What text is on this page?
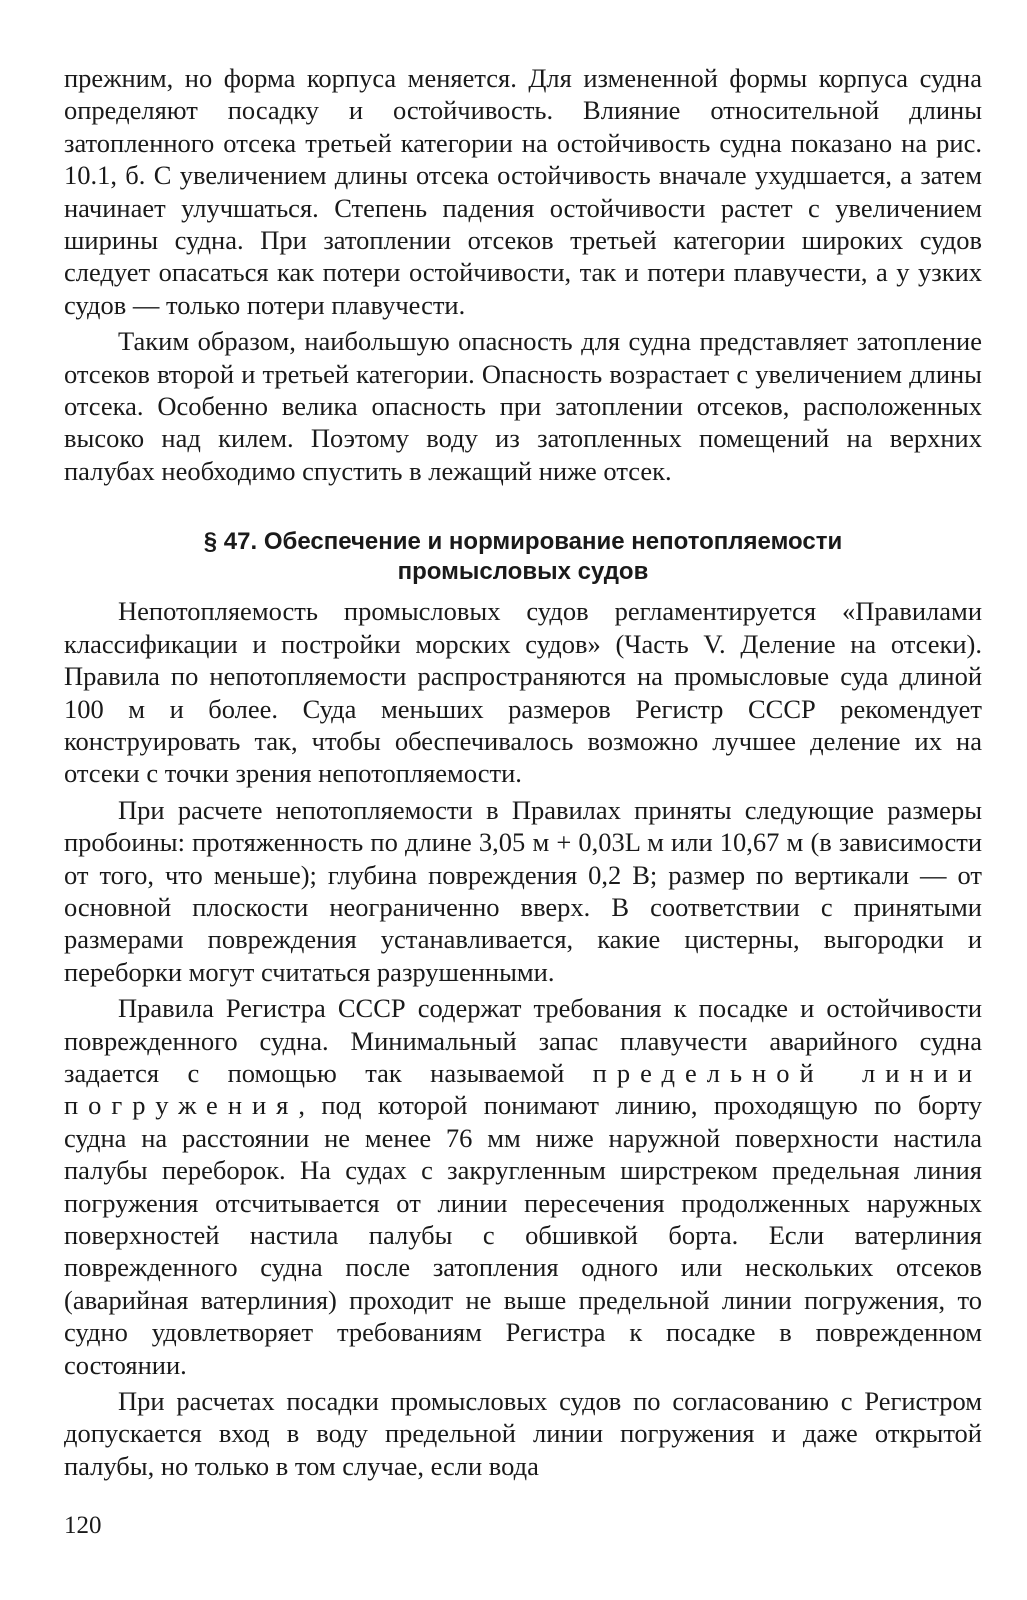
прежним, но форма корпуса меняется. Для измененной формы корпуса судна определяют посадку и остойчивость. Влияние относительной длины затопленного отсека третьей категории на остойчивость судна показано на рис. 10.1, б. С увеличением длины отсека остойчивость вначале ухудшается, а затем начинает улучшаться. Степень падения остойчивости растет с увеличением ширины судна. При затоплении отсеков третьей категории широких судов следует опасаться как потери остойчивости, так и потери плавучести, а у узких судов — только потери плавучести.

Таким образом, наибольшую опасность для судна представляет затопление отсеков второй и третьей категории. Опасность возрастает с увеличением длины отсека. Особенно велика опасность при затоплении отсеков, расположенных высоко над килем. Поэтому воду из затопленных помещений на верхних палубах необходимо спустить в лежащий ниже отсек.

§ 47. Обеспечение и нормирование непотопляемости
промысловых судов

Непотопляемость промысловых судов регламентируется «Правилами классификации и постройки морских судов» (Часть V. Деление на отсеки). Правила по непотопляемости распространяются на промысловые суда длиной 100 м и более. Суда меньших размеров Регистр СССР рекомендует конструировать так, чтобы обеспечивалось возможно лучшее деление их на отсеки с точки зрения непотопляемости.

При расчете непотопляемости в Правилах приняты следующие размеры пробоины: протяженность по длине 3,05 м + 0,03L м или 10,67 м (в зависимости от того, что меньше); глубина повреждения 0,2 B; размер по вертикали — от основной плоскости неограниченно вверх. В соответствии с принятыми размерами повреждения устанавливается, какие цистерны, выгородки и переборки могут считаться разрушенными.

Правила Регистра СССР содержат требования к посадке и остойчивости поврежденного судна. Минимальный запас плавучести аварийного судна задается с помощью так называемой предельной линии погружения, под которой понимают линию, проходящую по борту судна на расстоянии не менее 76 мм ниже наружной поверхности настила палубы переборок. На судах с закругленным ширстреком предельная линия погружения отсчитывается от линии пересечения продолженных наружных поверхностей настила палубы с обшивкой борта. Если ватерлиния поврежденного судна после затопления одного или нескольких отсеков (аварийная ватерлиния) проходит не выше предельной линии погружения, то судно удовлетворяет требованиям Регистра к посадке в поврежденном состоянии.

При расчетах посадки промысловых судов по согласованию с Регистром допускается вход в воду предельной линии погружения и даже открытой палубы, но только в том случае, если вода

120
